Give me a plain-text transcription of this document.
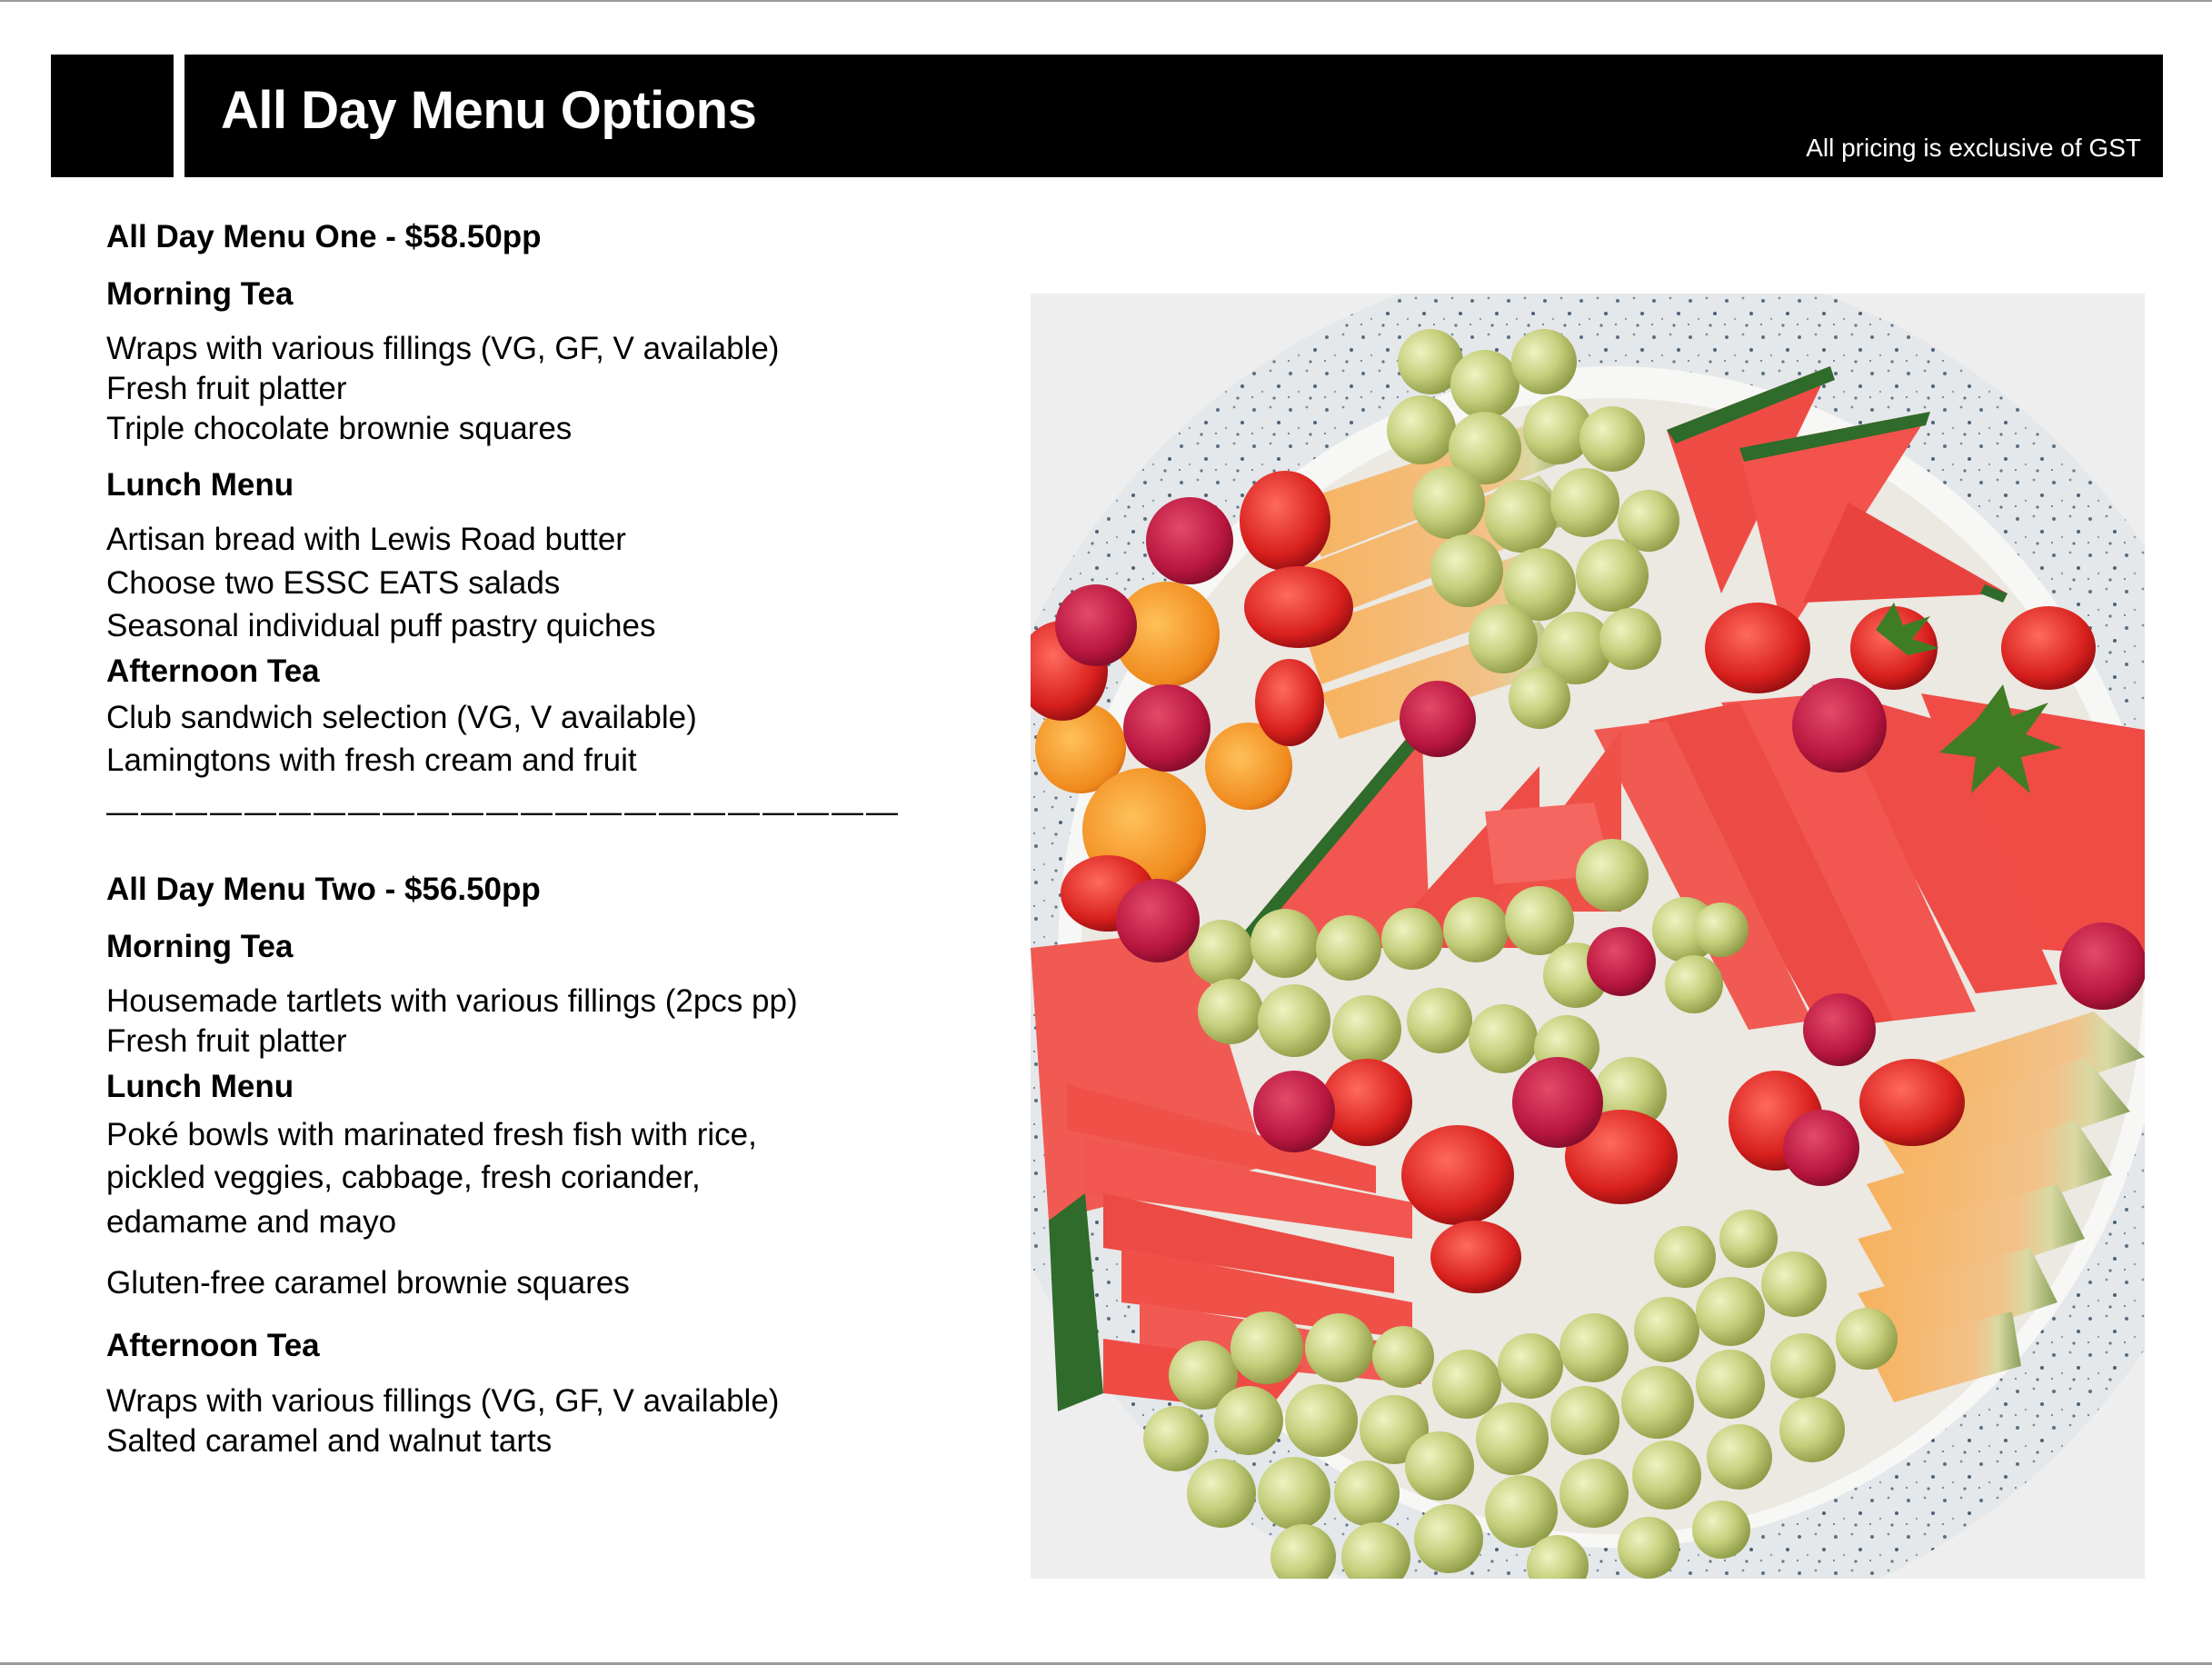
All Day Menu Options
All pricing is exclusive of GST
All Day Menu One - $58.50pp
Morning Tea
Wraps with various fillings (VG, GF, V available)
Fresh fruit platter
Triple chocolate brownie squares
Lunch Menu
Artisan bread with Lewis Road butter
Choose two ESSC EATS salads
Seasonal individual puff pastry quiches
Afternoon Tea
Club sandwich selection (VG, V available)
Lamingtons with fresh cream and fruit
———————————————————————
All Day Menu Two - $56.50pp
Morning Tea
Housemade tartlets with various fillings (2pcs pp)
Fresh fruit platter
Lunch Menu
Poké bowls with marinated fresh fish with rice,
pickled veggies, cabbage, fresh coriander,
edamame and mayo
Gluten-free caramel brownie squares
Afternoon Tea
Wraps with various fillings (VG, GF, V available)
Salted caramel and walnut tarts
